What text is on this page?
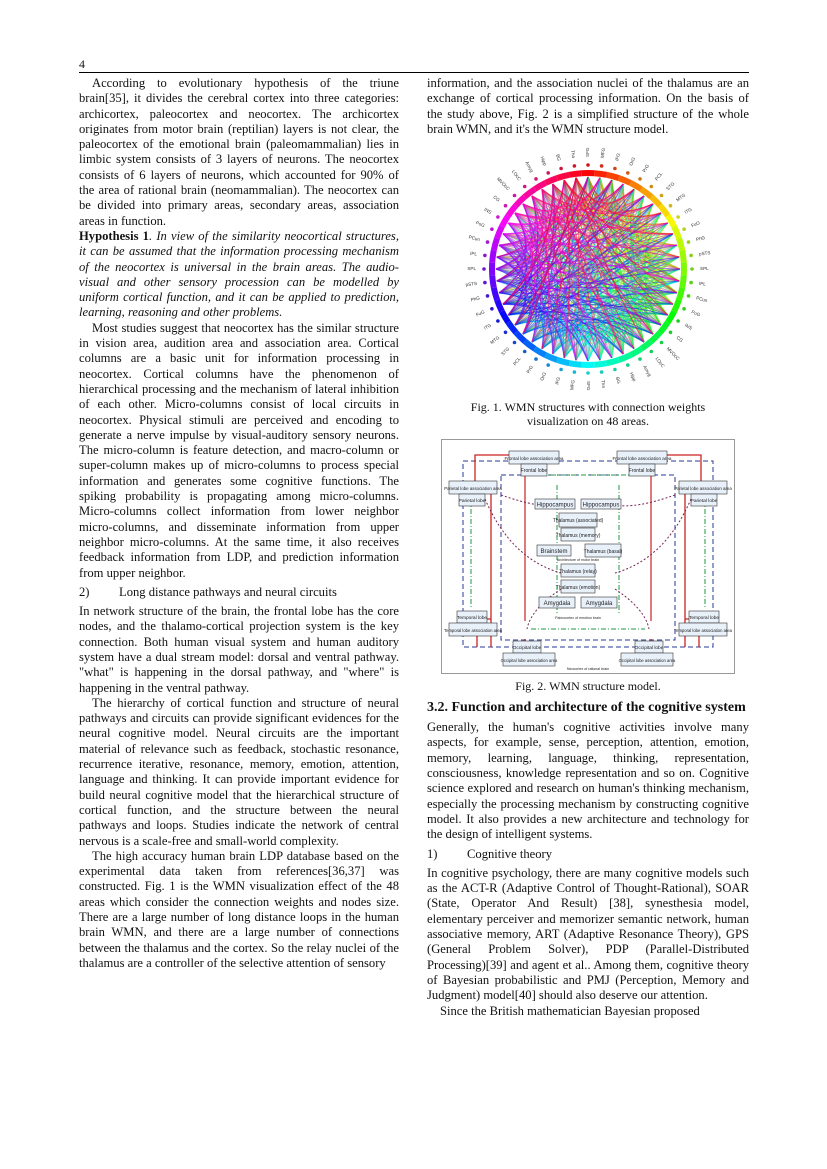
4

According to evolutionary hypothesis of the triune brain[35], it divides the cerebral cortex into three categories: archicortex, paleocortex and neocortex. The archicortex originates from motor brain (reptilian) layers is not clear, the paleocortex of the emotional brain (paleomammalian) lies in limbic system consists of 3 layers of neurons. The neocortex consists of 6 layers of neurons, which accounted for 90% of the area of rational brain (neomammalian). The neocortex can be divided into primary areas, secondary areas, association areas in function.

Hypothesis 1. In view of the similarity neocortical structures, it can be assumed that the information processing mechanism of the neocortex is universal in the brain areas. The audio-visual and other sensory procession can be modelled by uniform cortical function, and it can be applied to prediction, learning, reasoning and other problems.

Most studies suggest that neocortex has the similar structure in vision area, audition area and association area. Cortical columns are a basic unit for information processing in neocortex. Cortical columns have the phenomenon of hierarchical processing and the mechanism of lateral inhibition of each other. Micro-columns consist of local circuits in neocortex. Physical stimuli are perceived and encoding to generate a nerve impulse by visual-auditory sensory neurons. The micro-column is feature detection, and macro-column or super-column makes up of micro-columns to process special information and generates some cognitive functions. The spiking probability is propagating among micro-columns. Micro-columns collect information from lower neighbor micro-columns, and disseminate information from upper neighbor micro-columns. At the same time, it also receives feedback information from LDP, and prediction information from upper neighbor.

2)	Long distance pathways and neural circuits

In network structure of the brain, the frontal lobe has the core nodes, and the thalamo-cortical projection system is the key connection. Both human visual system and human auditory system have a dual stream model: dorsal and ventral pathway. "what" is happening in the dorsal pathway, and "where" is happening in the ventral pathway.

The hierarchy of cortical function and structure of neural pathways and circuits can provide significant evidences for the neural cognitive model. Neural circuits are the important material of relevance such as feedback, stochastic resonance, recurrence iterative, resonance, memory, emotion, attention, language and thinking. It can provide important evidence for build neural cognitive model that the hierarchical structure of cortical function, and the structure between the neural pathways and loops. Studies indicate the network of central nervous is a scale-free and small-world complexity.

The high accuracy human brain LDP database based on the experimental data taken from references[36,37] was constructed. Fig. 1 is the WMN visualization effect of the 48 areas which consider the connection weights and nodes size. There are a large number of long distance loops in the human brain WMN, and there are a large number of connections between the thalamus and the cortex. So the relay nuclei of the thalamus are a controller of the selective attention of sensory

information, and the association nuclei of the thalamus are an exchange of cortical processing information. On the basis of the study above, Fig. 2 is a simplified structure of the whole brain WMN, and it's the WMN structure model.

SFG MFG IFG OrG
PrG
PCL
STG
MTG
ITG
FuG
PhG
pSTS
SPL
IPL
PCun
PoG
INS
CG
MVOcC
LOcC
Amyg
Hipp
BG
Tha
SFG
MFG
IFG
OrG
PrG
PCL
STG
MTG
ITG
FuG
PhG
pSTS
SPL
IPL
PCun
PoG
INS
CG
MVOcC
LOcC
Amyg Hipp BG Tha
Fig. 1. WMN structures with connection weights
visualization on 48 areas.
Frontal lobe association area	Frontal lobe association area
Frontal lobe	Frontal lobe
Parietal lobe association area	Parietal lobe association area
Parietal lobe	Parietal lobe
Hippocampus Hippocampus
Thalamus (associated)
Thalamus (memory)
Brainstem	Thalamus (basal)
Architecture of motor brain
Thalamus (relay)
Thalamus (emotion)
Amygdala	Amygdala
Paleocortex of emotion brain
Temporal lobe	Temporal lobe
Temporal lobe association area	Temporal lobe association area
Occipital lobe	Occipital lobe
Occipital lobe association area	Occipital lobe association area
Neocortex of rational brain
Fig. 2. WMN structure model.
3.2. Function and architecture of the cognitive system

Generally, the human's cognitive activities involve many aspects, for example, sense, perception, attention, emotion, memory, learning, language, thinking, representation, consciousness, knowledge representation and so on. Cognitive science explored and research on human's thinking mechanism, especially the processing mechanism by constructing cognitive model. It also provides a new architecture and technology for the design of intelligent systems.

1)	Cognitive theory

In cognitive psychology, there are many cognitive models such as the ACT-R (Adaptive Control of Thought-Rational), SOAR (State, Operator And Result) [38], synesthesia model, elementary perceiver and memorizer semantic network, human associative memory, ART (Adaptive Resonance Theory), GPS (General Problem Solver), PDP (Parallel-Distributed Processing)[39] and agent et al.. Among them, cognitive theory of Bayesian probabilistic and PMJ (Perception, Memory and Judgment) model[40] should also deserve our attention.

Since the British mathematician Bayesian proposed
